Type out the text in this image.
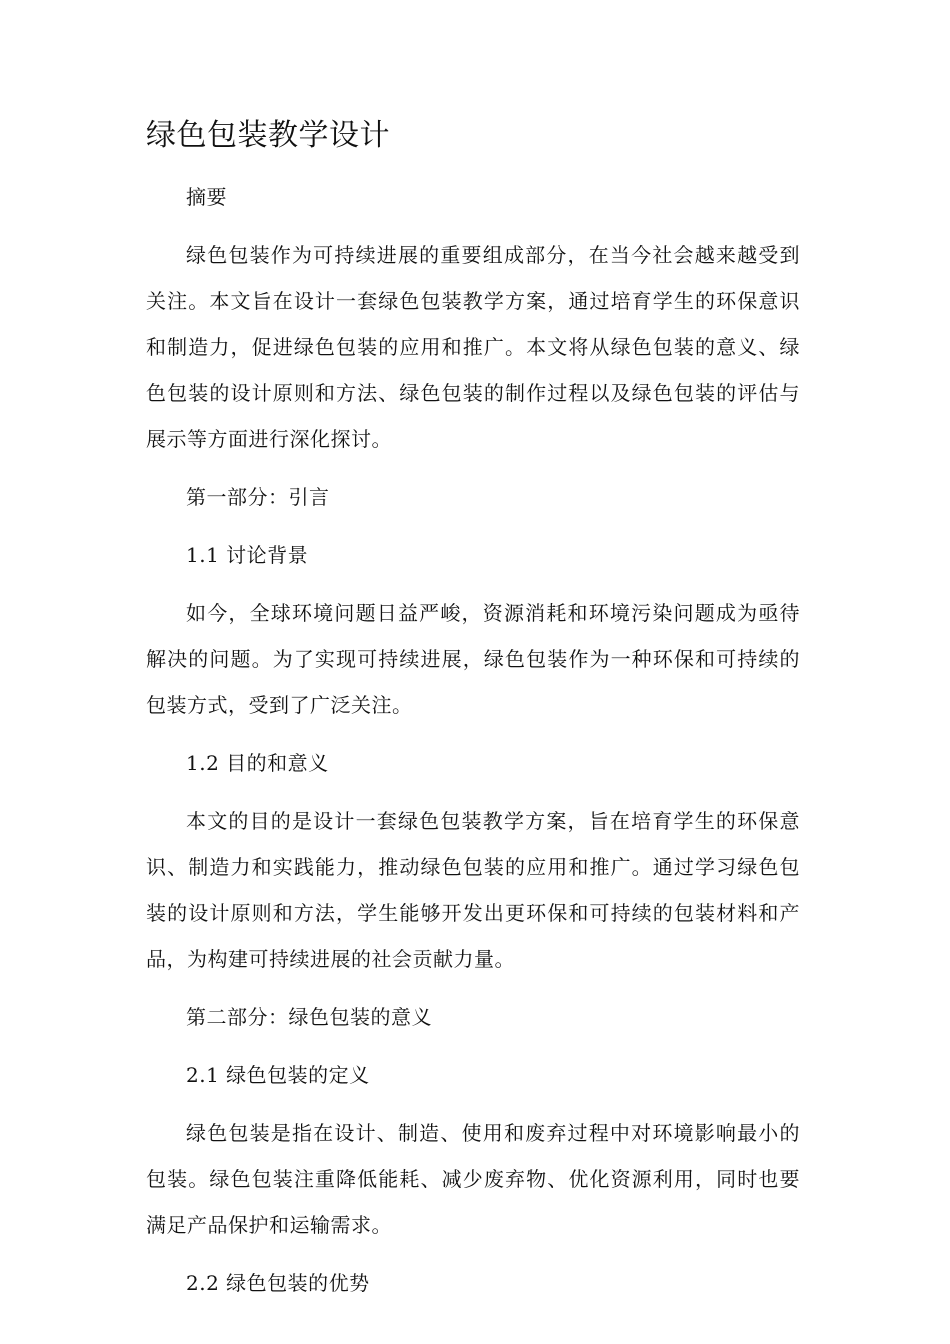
绿色包装教学设计
摘要

绿色包装作为可持续进展的重要组成部分，在当今社会越来越受到关注。本文旨在设计一套绿色包装教学方案，通过培育学生的环保意识和制造力，促进绿色包装的应用和推广。本文将从绿色包装的意义、绿色包装的设计原则和方法、绿色包装的制作过程以及绿色包装的评估与展示等方面进行深化探讨。

第一部分：引言
1.1 讨论背景

如今，全球环境问题日益严峻，资源消耗和环境污染问题成为亟待解决的问题。为了实现可持续进展，绿色包装作为一种环保和可持续的包装方式，受到了广泛关注。

1.2 目的和意义

本文的目的是设计一套绿色包装教学方案，旨在培育学生的环保意识、制造力和实践能力，推动绿色包装的应用和推广。通过学习绿色包装的设计原则和方法，学生能够开发出更环保和可持续的包装材料和产品，为构建可持续进展的社会贡献力量。

第二部分：绿色包装的意义
2.1 绿色包装的定义

绿色包装是指在设计、制造、使用和废弃过程中对环境影响最小的包装。绿色包装注重降低能耗、减少废弃物、优化资源利用，同时也要满足产品保护和运输需求。

2.2 绿色包装的优势
